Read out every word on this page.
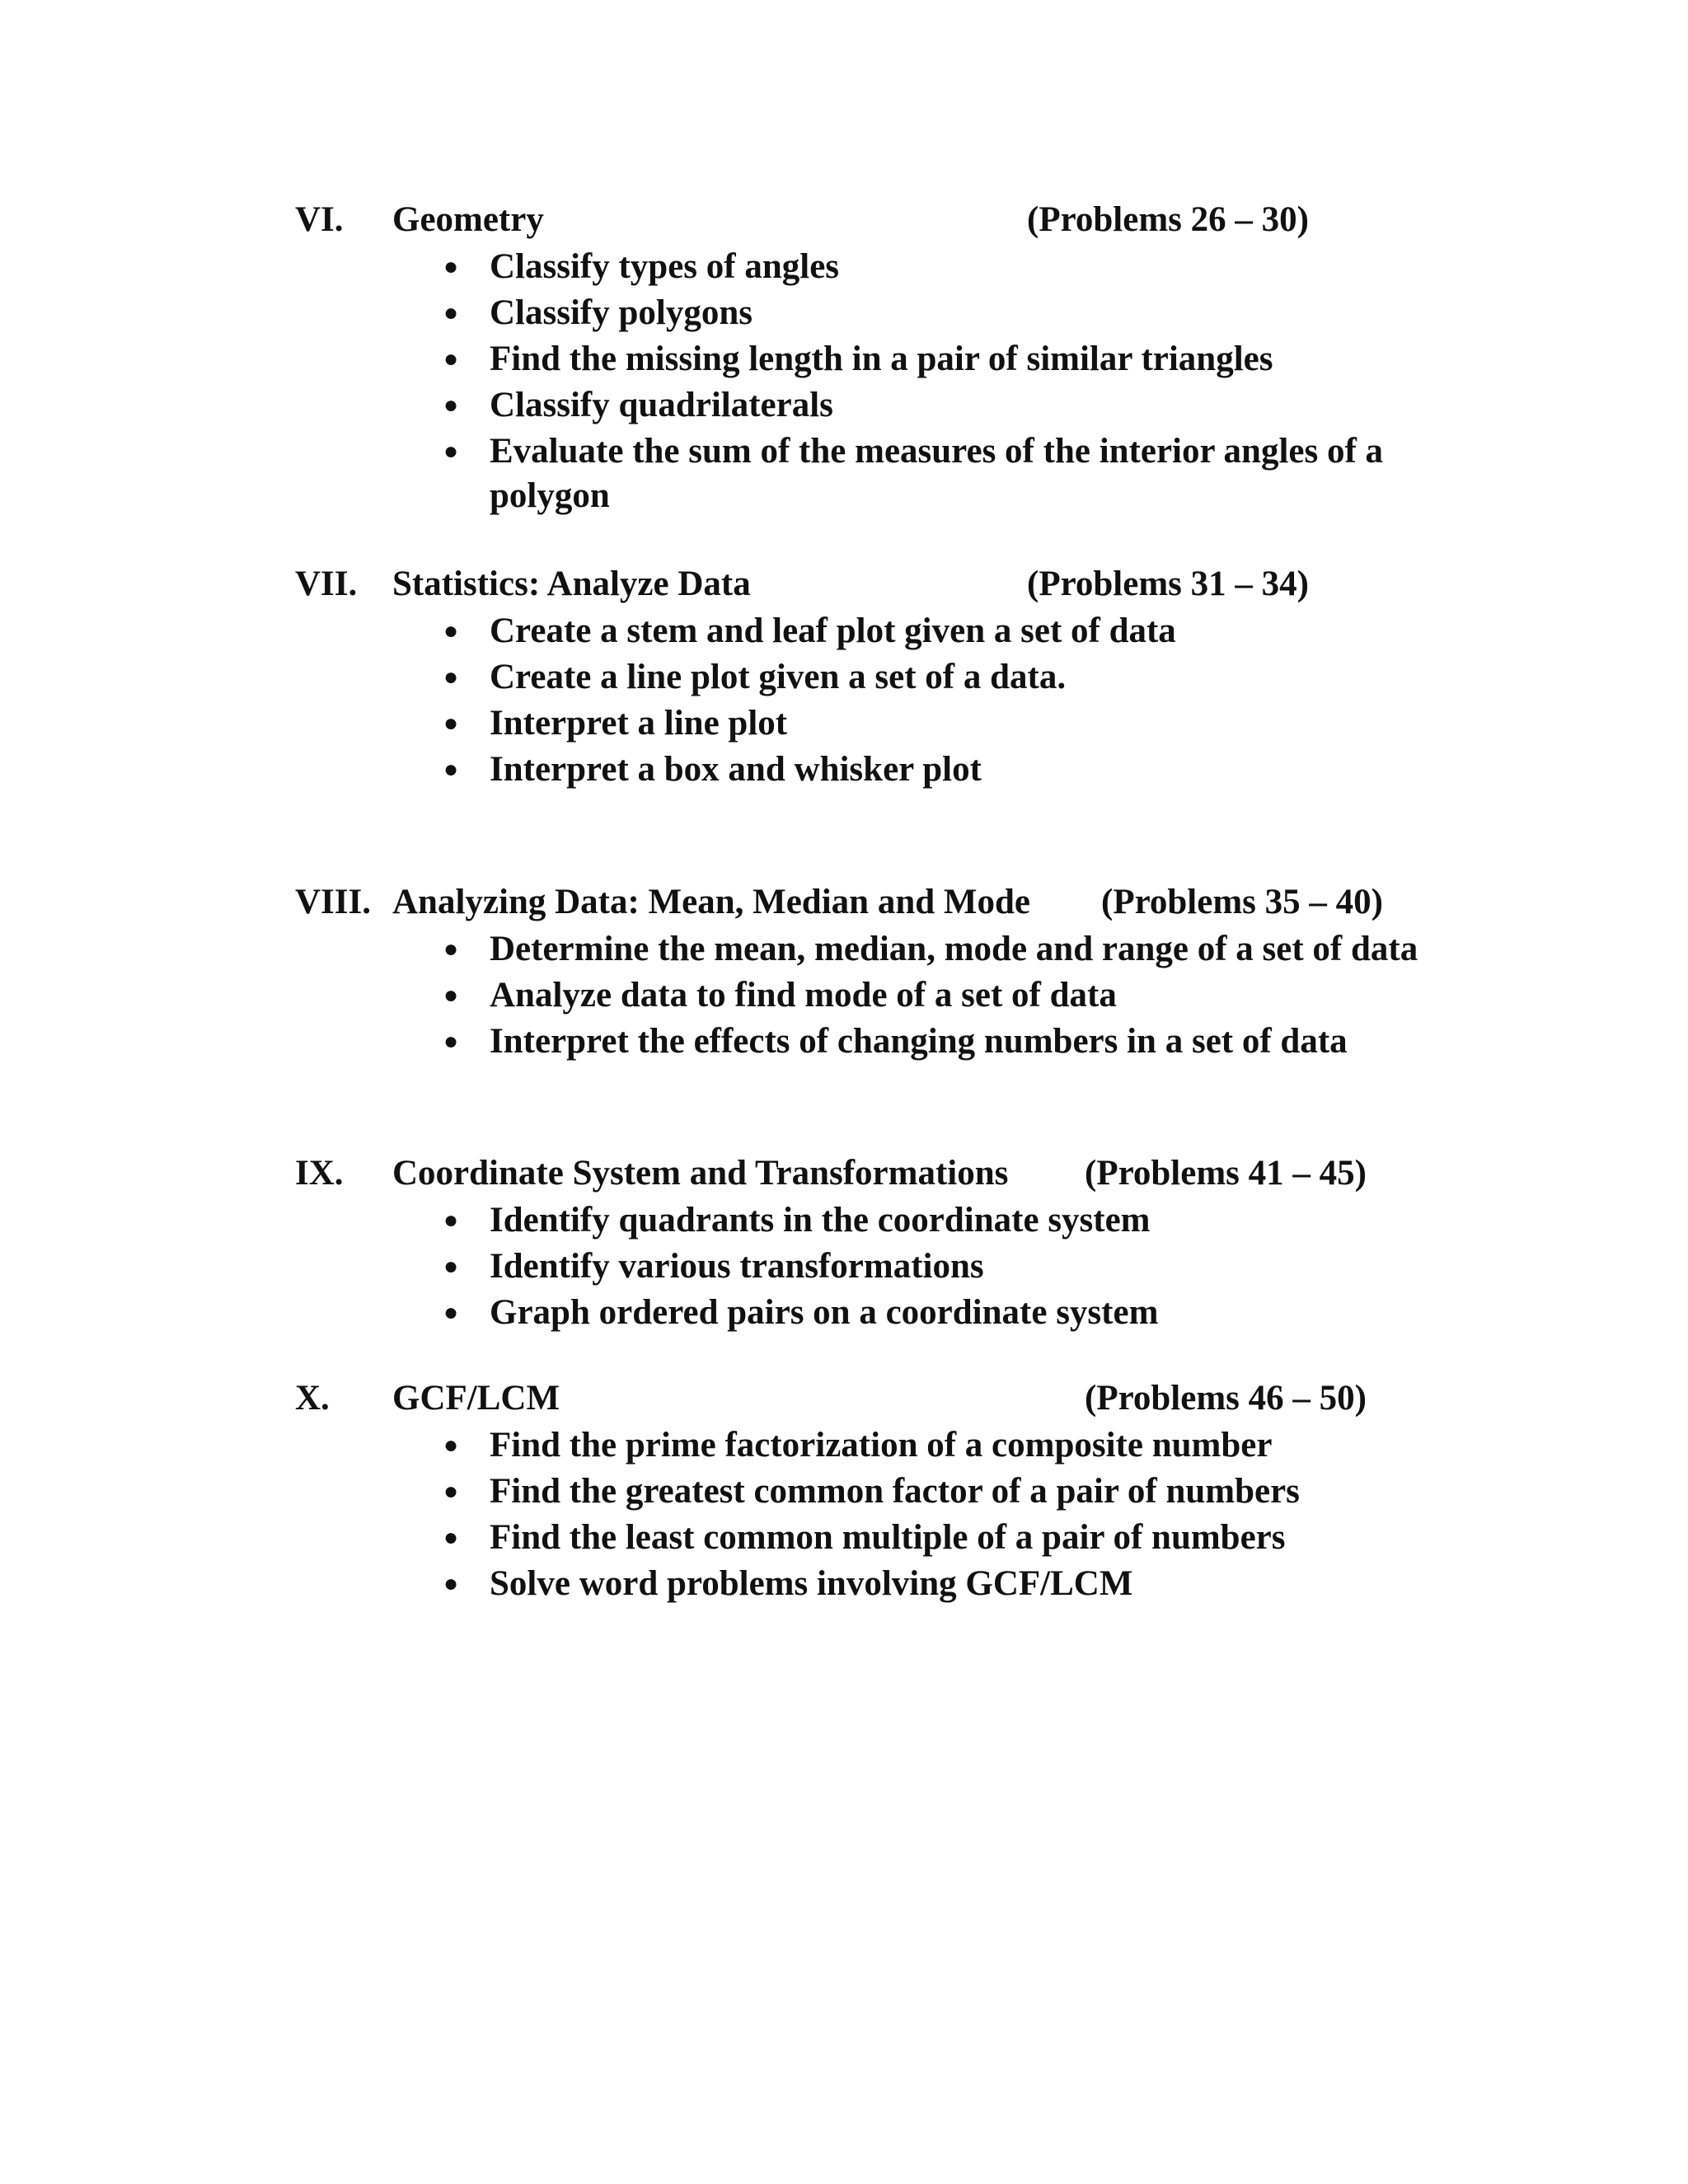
VI. Geometry	(Problems 26 – 30)
● Classify types of angles
● Classify polygons
● Find the missing length in a pair of similar triangles
● Classify quadrilaterals
● Evaluate the sum of the measures of the interior angles of a polygon
VII. Statistics: Analyze Data	(Problems 31 – 34)
● Create a stem and leaf plot given a set of data
● Create a line plot given a set of a data.
● Interpret a line plot
● Interpret a box and whisker plot
VIII. Analyzing Data: Mean, Median and Mode (Problems 35 – 40)
● Determine the mean, median, mode and range of a set of data
● Analyze data to find mode of a set of data
● Interpret the effects of changing numbers in a set of data
IX. Coordinate System and Transformations (Problems 41 – 45)
● Identify quadrants in the coordinate system
● Identify various transformations
● Graph ordered pairs on a coordinate system
X. GCF/LCM	(Problems 46 – 50)
● Find the prime factorization of a composite number
● Find the greatest common factor of a pair of numbers
● Find the least common multiple of a pair of numbers
● Solve word problems involving GCF/LCM
